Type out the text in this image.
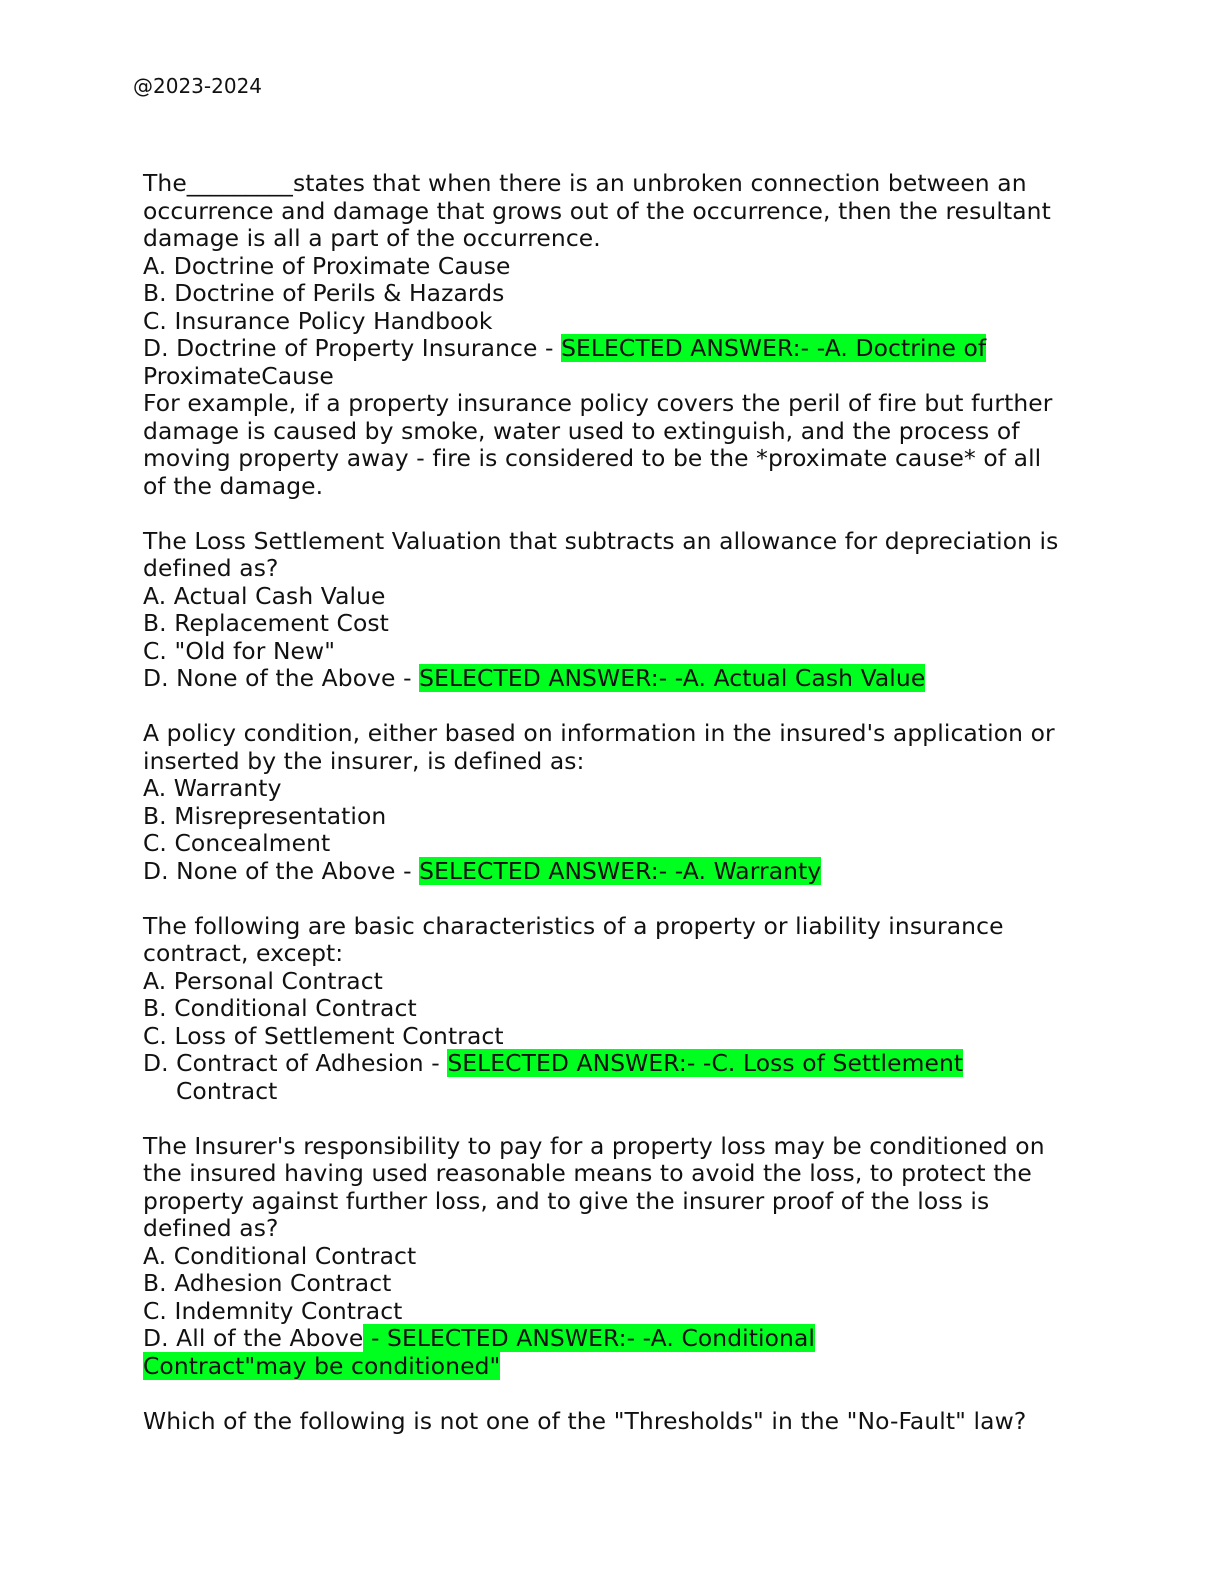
@2023-2024
The_________states that when there is an unbroken connection between an
occurrence and damage that grows out of the occurrence, then the resultant
damage is all a part of the occurrence.
A. Doctrine of Proximate Cause
B. Doctrine of Perils & Hazards
C. Insurance Policy Handbook
D. Doctrine of Property Insurance - SELECTED ANSWER:- -A. Doctrine of
ProximateCause
For example, if a property insurance policy covers the peril of fire but further
damage is caused by smoke, water used to extinguish, and the process of
moving property away - fire is considered to be the *proximate cause* of all
of the damage.
The Loss Settlement Valuation that subtracts an allowance for depreciation is
defined as?
A. Actual Cash Value
B. Replacement Cost
C. "Old for New"
D. None of the Above - SELECTED ANSWER:- -A. Actual Cash Value
A policy condition, either based on information in the insured's application or
inserted by the insurer, is defined as:
A. Warranty
B. Misrepresentation
C. Concealment
D. None of the Above - SELECTED ANSWER:- -A. Warranty
The following are basic characteristics of a property or liability insurance
contract, except:
A. Personal Contract
B. Conditional Contract
C. Loss of Settlement Contract
D. Contract of Adhesion - SELECTED ANSWER:- -C. Loss of Settlement
Contract
The Insurer's responsibility to pay for a property loss may be conditioned on
the insured having used reasonable means to avoid the loss, to protect the
property against further loss, and to give the insurer proof of the loss is
defined as?
A. Conditional Contract
B. Adhesion Contract
C. Indemnity Contract
D. All of the Above - SELECTED ANSWER:- -A. Conditional
Contract"may be conditioned"
Which of the following is not one of the "Thresholds" in the "No-Fault" law?
